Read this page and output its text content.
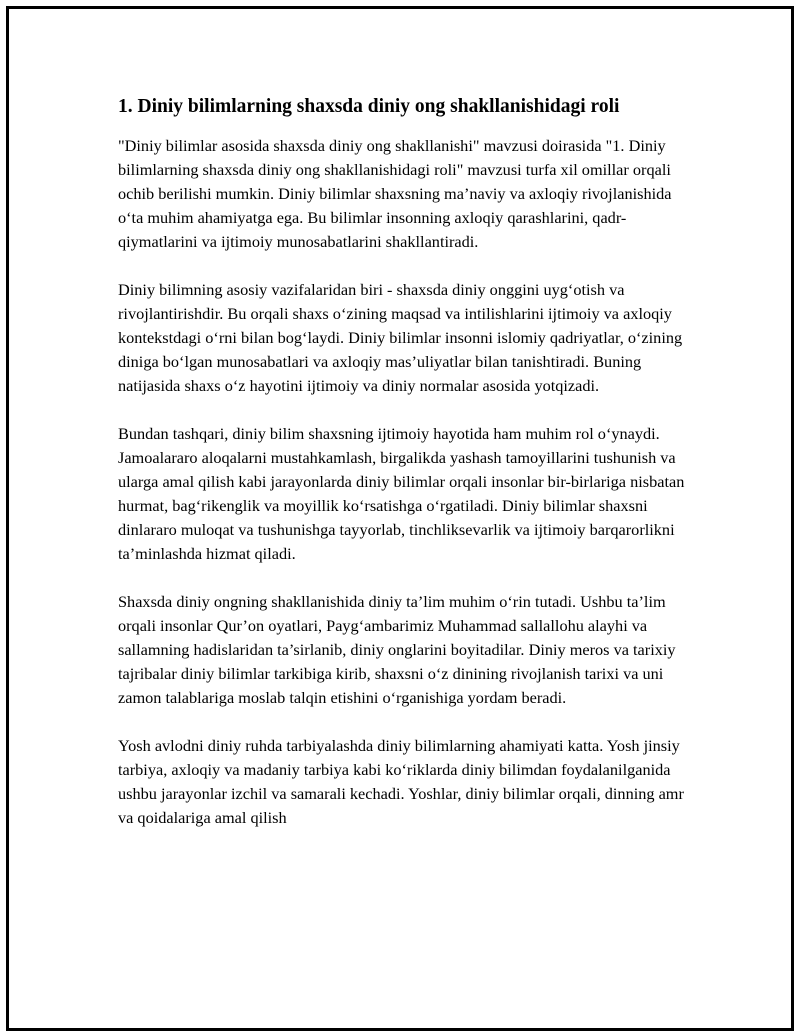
1. Diniy bilimlarning shaxsda diniy ong shakllanishidagi roli

"Diniy bilimlar asosida shaxsda diniy ong shakllanishi" mavzusi doirasida "1. Diniy bilimlarning shaxsda diniy ong shakllanishidagi roli" mavzusi turfa xil omillar orqali ochib berilishi mumkin. Diniy bilimlar shaxsning ma’naviy va axloqiy rivojlanishida oʻta muhim ahamiyatga ega. Bu bilimlar insonning axloqiy qarashlarini, qadr-qiymatlarini va ijtimoiy munosabatlarini shakllantiradi.

Diniy bilimning asosiy vazifalaridan biri - shaxsda diniy onggini uygʻotish va rivojlantirishdir. Bu orqali shaxs oʻzining maqsad va intilishlarini ijtimoiy va axloqiy kontekstdagi oʻrni bilan bogʻlaydi. Diniy bilimlar insonni islomiy qadriyatlar, oʻzining diniga boʻlgan munosabatlari va axloqiy mas’uliyatlar bilan tanishtiradi. Buning natijasida shaxs oʻz hayotini ijtimoiy va diniy normalar asosida yotqizadi.

Bundan tashqari, diniy bilim shaxsning ijtimoiy hayotida ham muhim rol oʻynaydi. Jamoalararo aloqalarni mustahkamlash, birgalikda yashash tamoyillarini tushunish va ularga amal qilish kabi jarayonlarda diniy bilimlar orqali insonlar bir-birlariga nisbatan hurmat, bagʻrikenglik va moyillik koʻrsatishga oʻrgatiladi. Diniy bilimlar shaxsni dinlararo muloqat va tushunishga tayyorlab, tinchliksevarlik va ijtimoiy barqarorlikni ta’minlashda hizmat qiladi.

Shaxsda diniy ongning shakllanishida diniy ta’lim muhim oʻrin tutadi. Ushbu ta’lim orqali insonlar Qur’on oyatlari, Paygʻambarimiz Muhammad sallallohu alayhi va sallamning hadislaridan ta’sirlanib, diniy onglarini boyitadilar. Diniy meros va tarixiy tajribalar diniy bilimlar tarkibiga kirib, shaxsni oʻz dinining rivojlanish tarixi va uni zamon talablariga moslab talqin etishini oʻrganishiga yordam beradi.

Yosh avlodni diniy ruhda tarbiyalashda diniy bilimlarning ahamiyati katta. Yosh jinsiy tarbiya, axloqiy va madaniy tarbiya kabi koʻriklarda diniy bilimdan foydalanilganida ushbu jarayonlar izchil va samarali kechadi. Yoshlar, diniy bilimlar orqali, dinning amr va qoidalariga amal qilish
